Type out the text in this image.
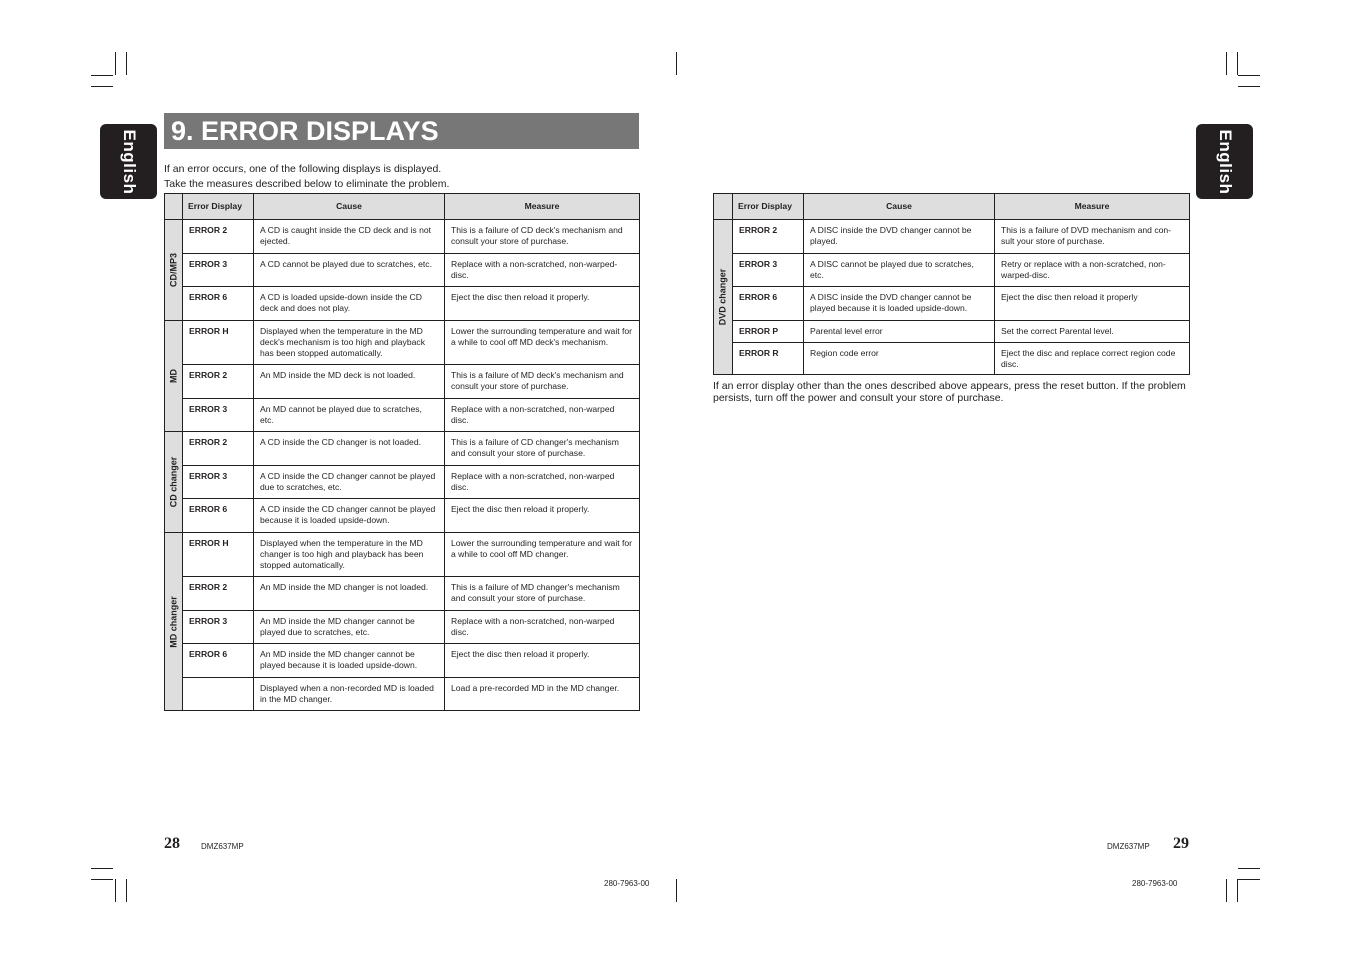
English	English
9. ERROR DISPLAYS
If an error occurs, one of the following displays is displayed.
Take the measures described below to eliminate the problem.
	Error Display	Cause	Measure

CD/MP3	ERROR 2	A CD is caught inside the CD deck and is not ejected.	This is a failure of CD deck's mechanism and consult your store of purchase.
	ERROR 3	A CD cannot be played due to scratches, etc.	Replace with a non-scratched, non-warped-disc.
	ERROR 6	A CD is loaded upside-down inside the CD deck and does not play.	Eject the disc then reload it properly.

MD	ERROR H	Displayed when the temperature in the MD deck's mechanism is too high and playback has been stopped automatically.	Lower the surrounding temperature and wait for a while to cool off MD deck's mechanism.
	ERROR 2	An MD inside the MD deck is not loaded.	This is a failure of MD deck's mechanism and consult your store of purchase.
	ERROR 3	An MD cannot be played due to scratches, etc.	Replace with a non-scratched, non-warped disc.

CD changer	ERROR 2	A CD inside the CD changer is not loaded.	This is a failure of CD changer's mechanism and consult your store of purchase.
	ERROR 3	A CD inside the CD changer cannot be played due to scratches, etc.	Replace with a non-scratched, non-warped disc.
	ERROR 6	A CD inside the CD changer cannot be played because it is loaded upside-down.	Eject the disc then reload it properly.

MD changer	ERROR H	Displayed when the temperature in the MD changer is too high and playback has been stopped automatically.	Lower the surrounding temperature and wait for a while to cool off MD changer.
	ERROR 2	An MD inside the MD changer is not loaded.	This is a failure of MD changer's mechanism and consult your store of purchase.
	ERROR 3	An MD inside the MD changer cannot be played due to scratches, etc.	Replace with a non-scratched, non-warped disc.
	ERROR 6	An MD inside the MD changer cannot be played because it is loaded upside-down.	Eject the disc then reload it properly.
		Displayed when a non-recorded MD is loaded in the MD changer.	Load a pre-recorded MD in the MD changer.
	Error Display	Cause	Measure

DVD changer	ERROR 2	A DISC inside the DVD changer cannot be played.	This is a failure of DVD mechanism and con-sult your store of purchase.
	ERROR 3	A DISC cannot be played due to scratches, etc.	Retry or replace with a non-scratched, non-warped-disc.
	ERROR 6	A DISC inside the DVD changer cannot be played because it is loaded upside-down.	Eject the disc then reload it properly
	ERROR P	Parental level error	Set the correct Parental level.
	ERROR R	Region code error	Eject the disc and replace correct region code disc.
If an error display other than the ones described above appears, press the reset button. If the problem persists, turn off the power and consult your store of purchase.
28	DMZ637MP	29
DMZ637MP
280-7963-00	280-7963-00
